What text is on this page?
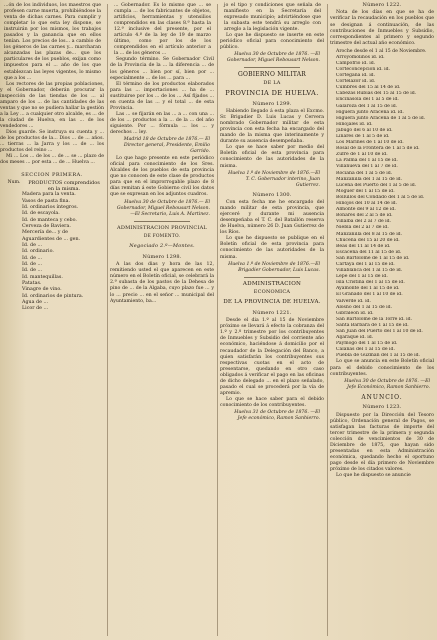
...ón de los individuos, los maestros que profesen carne muerta, prohibiéndose la venta de dichas carnes. Para cumplir y completar lo que esta ley dispone, se instruirán por los mismos, los trabajos pasados y la ganancia que en ellos tenían. Los precios de los... a cambio de los géneros de las carnes y... marcharan alcanzadas las plazas de... que los particulares de los pueblos, exijan como impuestos para el ... año de los que establezcan las leyes vigentes, lo mismo que a los ...

Los rectores de las propias poblaciones, y el Gobernador, deberán procurar la inspección de las tiendas de los ... al amparo de los ... de las cantidades de las ventas y que no se pudiera hallar la gestión a la Ley ... a cualquier otro alcalde, es ... de la ciudad de Huelva, en las ... de los vendedores ...

Dios guarde. Se instruya su cuenta y ... de los productos de la... Dios ... de ... años. ... tierras ... la Jarra y los ... de ... los productos del reino ...

Mi ... Los ... de los ... de ... se ... plazo de dos meses ... por esta ... de ... Huelva ...

SECCION PRIMERA.
Num.	PRODUCTOS comprendidos en la misma.
Madera para la venta.
Vasos de pasta fina.
Id. ordinarios íntegros.
Id. de escayola.
Id. de manteca y cebo.
Cerveza de Baviera.
Mercería de... y de
Aguardientes de ... gen.
Id. de ...
Id. ordinario.
Id. de ...
Id. de ...
Id. de ...
Id. mantequillas.
Patatas.
Vinagre de vino.
Id. ordinarios de pintura.
Agua de ...
Licor de ...

... Gobernador. Es lo mismo que ... se cumpla ... de los fabricantes de objetos, artificios, herramientas y utensilios comprendidos en las clases 8.ª hasta la 12.ª inclusive del presente, por el artículo 4.º de la ley de 19 de marzo último, como por los de los comprendidos en el artículo anterior a la ... de los géneros ...

Segundo término. Se Gobernador Civil de la Provincia de la ... la diferencia ... de los géneros ... bien por sí, bien por ... especialmente ... de los ... para ...

El término de los productos elaborados para las ... importaciones ... ha de ... sustituirse por los ... de los ... Así fijados ... en cuenta de las ... y el total ... de esta Provincia.

Las ... se fijarán en las ... a ... con una ... de los ... productos a la ... de la ... del año siguiente. Por ... fórmula ... los ... y derechos ... ley.

Madrid 18 de Octubre de 1876.— El Director general, Presidente, Emilio Garrido.

Lo que hago presente en este periódico oficial para conocimiento de los Sres. Alcaldes de los pueblos de esta provincia que no conocen de este clase de productos para que en el improrrogable plazo de 8 días remitan á este Gobierno civil los datos que se expresan en los adjuntos cuadros.

Huelva 30 de Octubre de 1876.— El Gobernador, Miguel Rebousart Nelson.—El Secretario, Luis A. Martinez.

ADMINISTRACION PROVINCIAL
DE FOMENTO.
Negociado 2.º—Montes.
Número 1298.

A las dos dias y hora de las 12, remitiendo usted el que aparecen en este número en el Boletín oficial, se celebrará la 2.ª subasta de los pastos de la Dehesa de pino de ... de la Algaba, cuyo plazo fue ... y lo ... precio ... en el señor ... municipal del Ayuntamiento, ba...

jo el tipo y condiciones que señala de manifiesto en la Secretaría del expresado municipio; advirtiéndose que la subasta este tendrá su arreglo con arreglo a la legislación vigente.

Lo que he dispuesto se inserte en este periódico oficial para conocimiento del público.

Huelva 30 de Octubre de 1876. —El Gobernador, Miguel Rebousart Nelson.

GOBIERNO MILITAR
DE LA
PROVINCIA DE HUELVA.
Número 1299.

Habiendo llegado á esta plaza el Excmo. Sr. Brigadier D. Luis Lucas y Cervera nombrado Gobernador militar de esta provincia con esta fecha ha encargado del mando de la misma que interinamente y durante su ausencia desempeñaba.

Lo que se hace saber por medio del Boletín oficial de esta provincia para conocimiento de las autoridades de la misma.

Huelva 1.º de Noviembre de 1876.—El T. C. Gobernador interino, Juan Gutierrez.

Número 1300.

Con esta fecha me he encargado del mando militar de esta provincia, que ejerceré y durante mi ausencia desempeñaba el T. C. del Batallón reserva de Huelva, número 26 D. Juan Gutierrez de los Ríos.

Lo que he dispuesto se publique en el Boletín oficial de esta provincia para conocimiento de las autoridades de la misma.

Huelva 1.º de Noviembre de 1876.—El Brigadier Gobernador, Luis Lucas.

ADMINISTRACION
ECONOMICA
DE LA PROVINCIA DE HUELVA.
Número 1221.

Desde el dia 1.º al 15 de Noviembre próximo se llevará á efecto la cobranza del 1.º y 2.º trimestre por los contribuyentes de Inmuebles y Subsidio del corriente año económico, haciéndose á domicilio por el recaudador de la Delegación del Banco, a quien satisfarán los contribuyentes sus respectivas cuotas en el acto de presentarse, quedando en otro caso obligados á verificar el pago en las oficinas de dicho delegado ... en el plazo señalado, pasado el cual se procederá por la vía de apremio.

Lo que se hace saber para el debido conocimiento de los contribuyentes.

Huelva 31 de Octubre de 1876. —El Jefe económico, Ramon Sanhierro.

Número 1222.

Nota de los días en que se ha de verificar la recaudación en los pueblos que se designan á continuación, de las contribuciones de Inmuebles y Subsidio, correspondientes al primero y segundo trimestre del actual año económico.

Aroche desde el 1 al 15 de Noviembre.
Arroyomolinos id. id.
Campofrío id. id.
Corteconcepción id. id.
Cortegana id. id.
Cortelazor id. id.
Cumbres del 15 al 14 de id.
Cabezas Rubias del 15 al 15 de id.
Encinasola del 1 al 5 de id.
Galaroza del 1 al 15 de id.
Higuera junto Aracena id. id.
Higuera junto Aracena de 1 al 5 de id.
Hinojales id. id.
Jabugo del 6 al 10 de id.
Linares de 1 al 5 de id.
Los Marines de 1 al 10 de id.
Rosal de la Frontera de 1 al 5 de id.
Zufre de 1 al 10 de id.
La Palma del 1 al 15 de id.
Villanueva del 1 al 7 de id.
Rociana del 1 al 5 de id.
Manzanilla del 1 al 15 de id.
Lucena del Puerto del 1 al 5 de id.
Moguer del 1 al 15 de id.
Bollullos del Condado del 1 al 5 de id.
Hinojos del 10 al 14 de id.
Almonte del 9 al 12 de id.
Bonares del 2 al 5 de id.
Villalba del 2 al 7 de id.
Niebla del 2 al 7 de id.
Manzanilla del 8 al 15 de id.
Chucena del 15 al 20 de id.
Beas del 11 al 14 de id.
Escacena del 11 al 15 de id.
San Bartolomé de 1 al 15 de id.
Cartaya del 1 al 15 de id.
Villablanca del 1 al 15 de id.
Lepe del 1 al 15 de id.
Isla Cristina del 1 al 15 de id.
Ayamonte del 1 al 15 de id.
El Granado del 1 al 10 de id.
Valverde id. id.
Alosno del 1 al 15 de id.
Gibraleón id. id.
San Bartolomé de la Torre id. id.
Santa Bárbara de 1 al 15 de id.
San Juan del Puerto del 1 al 10 de id.
Aljaraque id. id.
Paymogo del 1 al 15 de id.
Calañas del 1 al 15 de id.
Puebla de Guzmán del 1 al 15 de id.

Lo que se anuncia en este Boletín oficial para el debido conocimiento de los contribuyentes.

Huelva 30 de Octubre de 1876. —El Jefe Económico, Ramon Sanhierro.

ANUNCIO.
Número 1223.

Dispuesto por la Dirección del Tesoro público, Ordenación general de Pagos, se satisfagan las facturas de importe del tercer trimestre de la primera y segunda colección de vencimientos de 30 de Diciembre de 1875, que hayan sido presentadas en esta Administración económica, quedando hecho el oportuno pago desde el día primero de Noviembre próximo de los citados valores.

Lo que he dispuesto se anuncie
